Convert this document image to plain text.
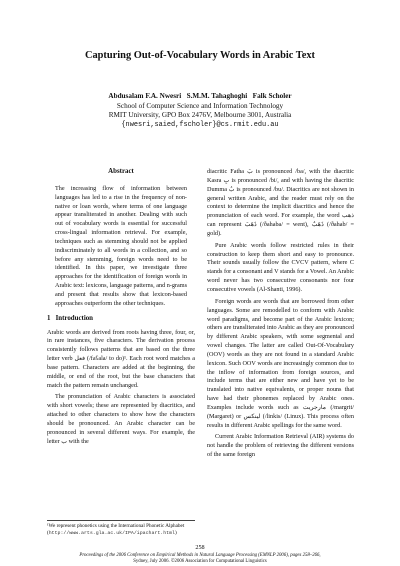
Capturing Out-of-Vocabulary Words in Arabic Text
Abdusalam F.A. Nwesri   S.M.M. Tahaghoghi   Falk Scholer
School of Computer Science and Information Technology
RMIT University, GPO Box 2476V, Melbourne 3001, Australia
{nwesri,saied,fscholer}@cs.rmit.edu.au
Abstract

The increasing flow of information between languages has led to a rise in the frequency of non-native or loan words, where terms of one language appear transliterated in another. Dealing with such out of vocabulary words is essential for successful cross-lingual information retrieval. For example, techniques such as stemming should not be applied indiscriminately to all words in a collection, and so before any stemming, foreign words need to be identified. In this paper, we investigate three approaches for the identification of foreign words in Arabic text: lexicons, language patterns, and n-grams and present that results show that lexicon-based approaches outperform the other techniques.

1   Introduction

Arabic words are derived from roots having three, four, or, in rare instances, five characters. The derivation process consistently follows patterns that are based on the three letter verb فعل (/faʕala/ to do)¹. Each root word matches a base pattern. Characters are added at the beginning, the middle, or end of the root, but the base characters that match the pattern remain unchanged.

The pronunciation of Arabic characters is associated with short vowels; these are represented by diacritics, and attached to other characters to show how the characters should be pronounced. An Arabic character can be pronounced in several different ways. For example, the letter ب with the

¹We represent phonetics using the International Phonetic Alphabet (http://www.arts.gla.ac.uk/IPA/ipachart.html)

diacritic Fatha بَ is pronounced /ba/, with the diacritic Kasra بِ is pronounced /bi/, and with having the diacritic Dumma بُ is pronounced /bu/. Diacritics are not shown in general written Arabic, and the reader must rely on the context to determine the implicit diacritics and hence the pronunciation of each word. For example, the word ذهب can represent ذَهَبَ (/ðahaba/ = went), ذَهَبٌ (/ðahab/ = gold).

Pure Arabic words follow restricted rules in their construction to keep them short and easy to pronounce. Their sounds usually follow the CVCV pattern, where C stands for a consonant and V stands for a Vowel. An Arabic word never has two consecutive consonants nor four consecutive vowels (Al-Shanti, 1996).

Foreign words are words that are borrowed from other languages. Some are remodelled to conform with Arabic word paradigms, and become part of the Arabic lexicon; others are transliterated into Arabic as they are pronounced by different Arabic speakers, with some segmental and vowel changes. The latter are called Out-Of-Vocabulary (OOV) words as they are not found in a standard Arabic lexicon. Such OOV words are increasingly common due to the inflow of information from foreign sources, and include terms that are either new and have yet to be translated into native equivalents, or proper nouns that have had their phonemes replaced by Arabic ones. Examples include words such as مارجريت (/margrit/ (Margaret) or لينكس (/linkis/ (Linux). This process often results in different Arabic spellings for the same word.

Current Arabic Information Retrieval (AIR) systems do not handle the problem of retrieving the different versions of the same foreign

258
Proceedings of the 2006 Conference on Empirical Methods in Natural Language Processing (EMNLP 2006), pages 258–266,
Sydney, July 2006. ©2006 Association for Computational Linguistics
